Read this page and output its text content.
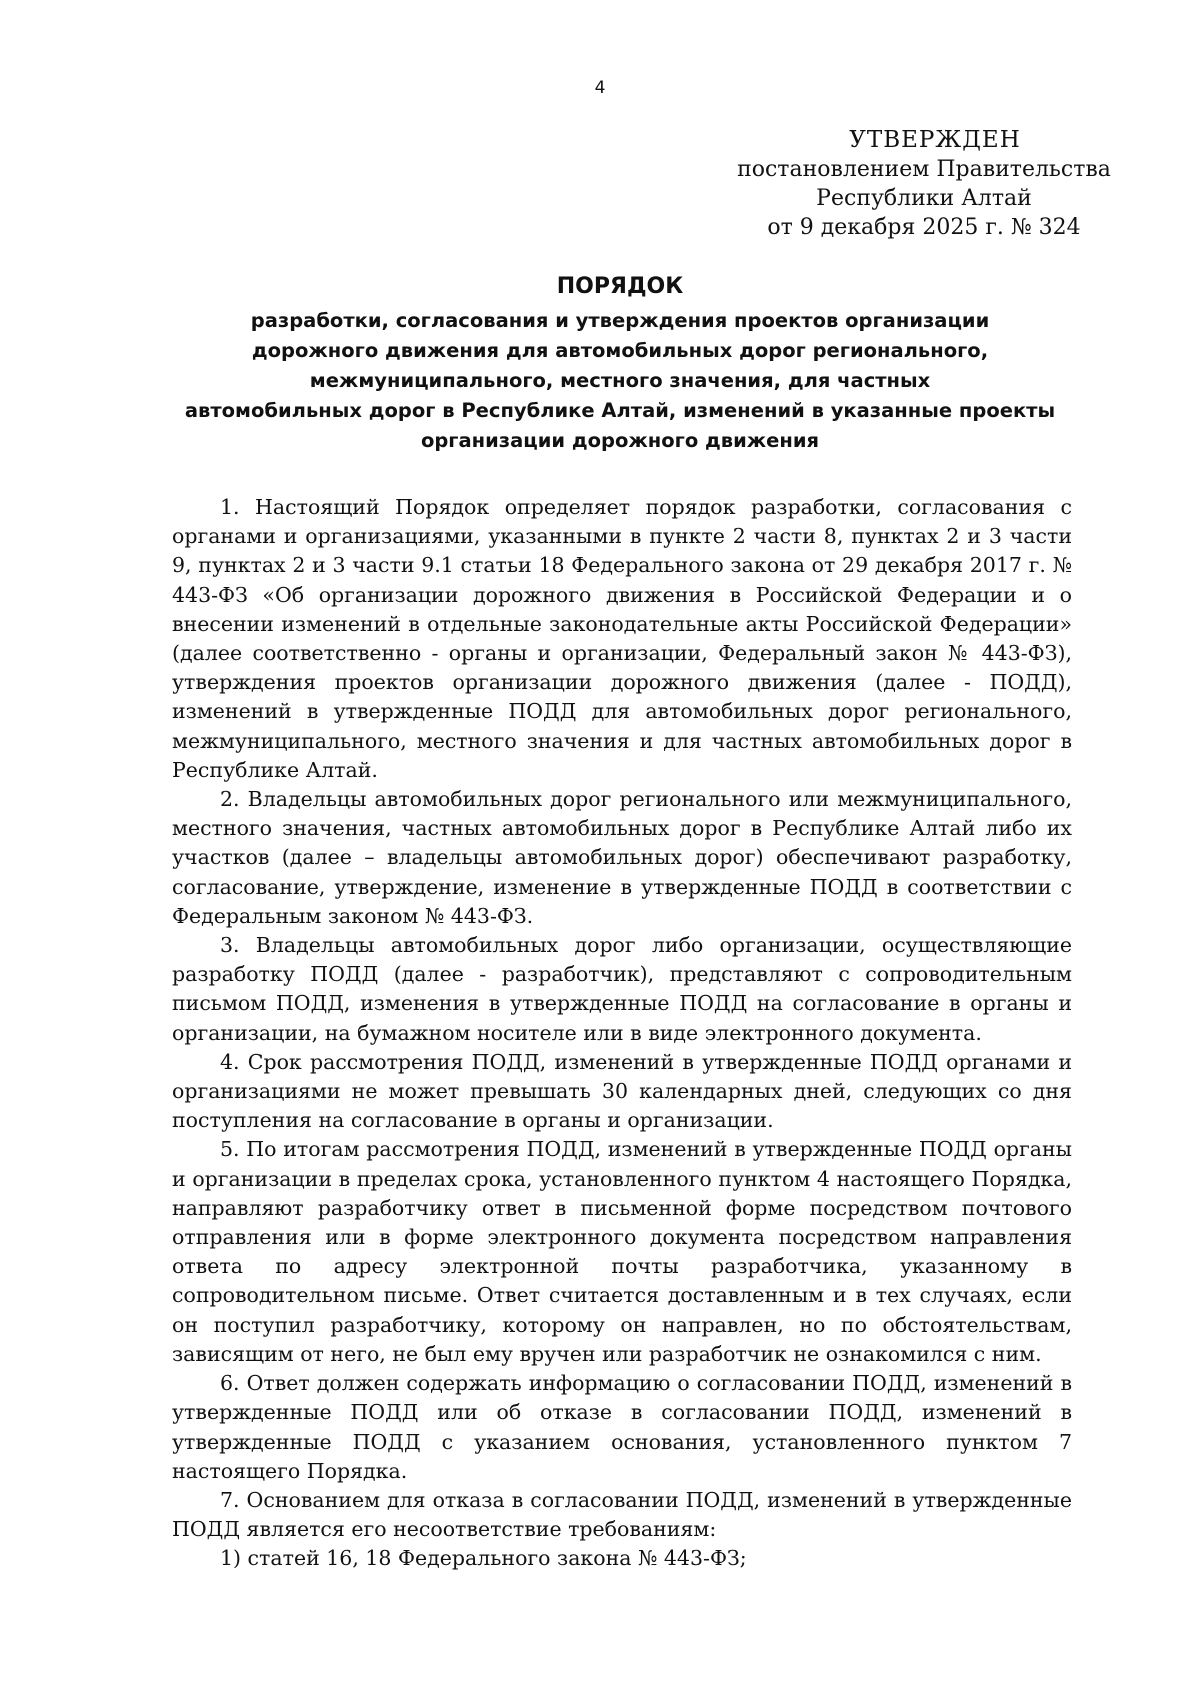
4
УТВЕРЖДЕН
постановлением Правительства
Республики Алтай
от 9 декабря 2025 г. № 324
ПОРЯДОК
разработки, согласования и утверждения проектов организации
дорожного движения для автомобильных дорог регионального,
межмуниципального, местного значения, для частных
автомобильных дорог в Республике Алтай, изменений в указанные проекты
организации дорожного движения

1. Настоящий Порядок определяет порядок разработки, согласования с органами и организациями, указанными в пункте 2 части 8, пунктах 2 и 3 части 9, пунктах 2 и 3 части 9.1 статьи 18 Федерального закона от 29 декабря 2017 г. № 443-ФЗ «Об организации дорожного движения в Российской Федерации и о внесении изменений в отдельные законодательные акты Российской Федерации» (далее соответственно - органы и организации, Федеральный закон № 443-ФЗ), утверждения проектов организации дорожного движения (далее - ПОДД), изменений в утвержденные ПОДД для автомобильных дорог регионального, межмуниципального, местного значения и для частных автомобильных дорог в Республике Алтай.

2. Владельцы автомобильных дорог регионального или межмуниципального, местного значения, частных автомобильных дорог в Республике Алтай либо их участков (далее – владельцы автомобильных дорог) обеспечивают разработку, согласование, утверждение, изменение в утвержденные ПОДД в соответствии с Федеральным законом № 443-ФЗ.

3. Владельцы автомобильных дорог либо организации, осуществляющие разработку ПОДД (далее - разработчик), представляют с сопроводительным письмом ПОДД, изменения в утвержденные ПОДД на согласование в органы и организации, на бумажном носителе или в виде электронного документа.

4. Срок рассмотрения ПОДД, изменений в утвержденные ПОДД органами и организациями не может превышать 30 календарных дней, следующих со дня поступления на согласование в органы и организации.

5. По итогам рассмотрения ПОДД, изменений в утвержденные ПОДД органы и организации в пределах срока, установленного пунктом 4 настоящего Порядка, направляют разработчику ответ в письменной форме посредством почтового отправления или в форме электронного документа посредством направления ответа по адресу электронной почты разработчика, указанному в сопроводительном письме. Ответ считается доставленным и в тех случаях, если он поступил разработчику, которому он направлен, но по обстоятельствам, зависящим от него, не был ему вручен или разработчик не ознакомился с ним.

6. Ответ должен содержать информацию о согласовании ПОДД, изменений в утвержденные ПОДД или об отказе в согласовании ПОДД, изменений в утвержденные ПОДД с указанием основания, установленного пунктом 7 настоящего Порядка.

7. Основанием для отказа в согласовании ПОДД, изменений в утвержденные ПОДД является его несоответствие требованиям:

1) статей 16, 18 Федерального закона № 443-ФЗ;
